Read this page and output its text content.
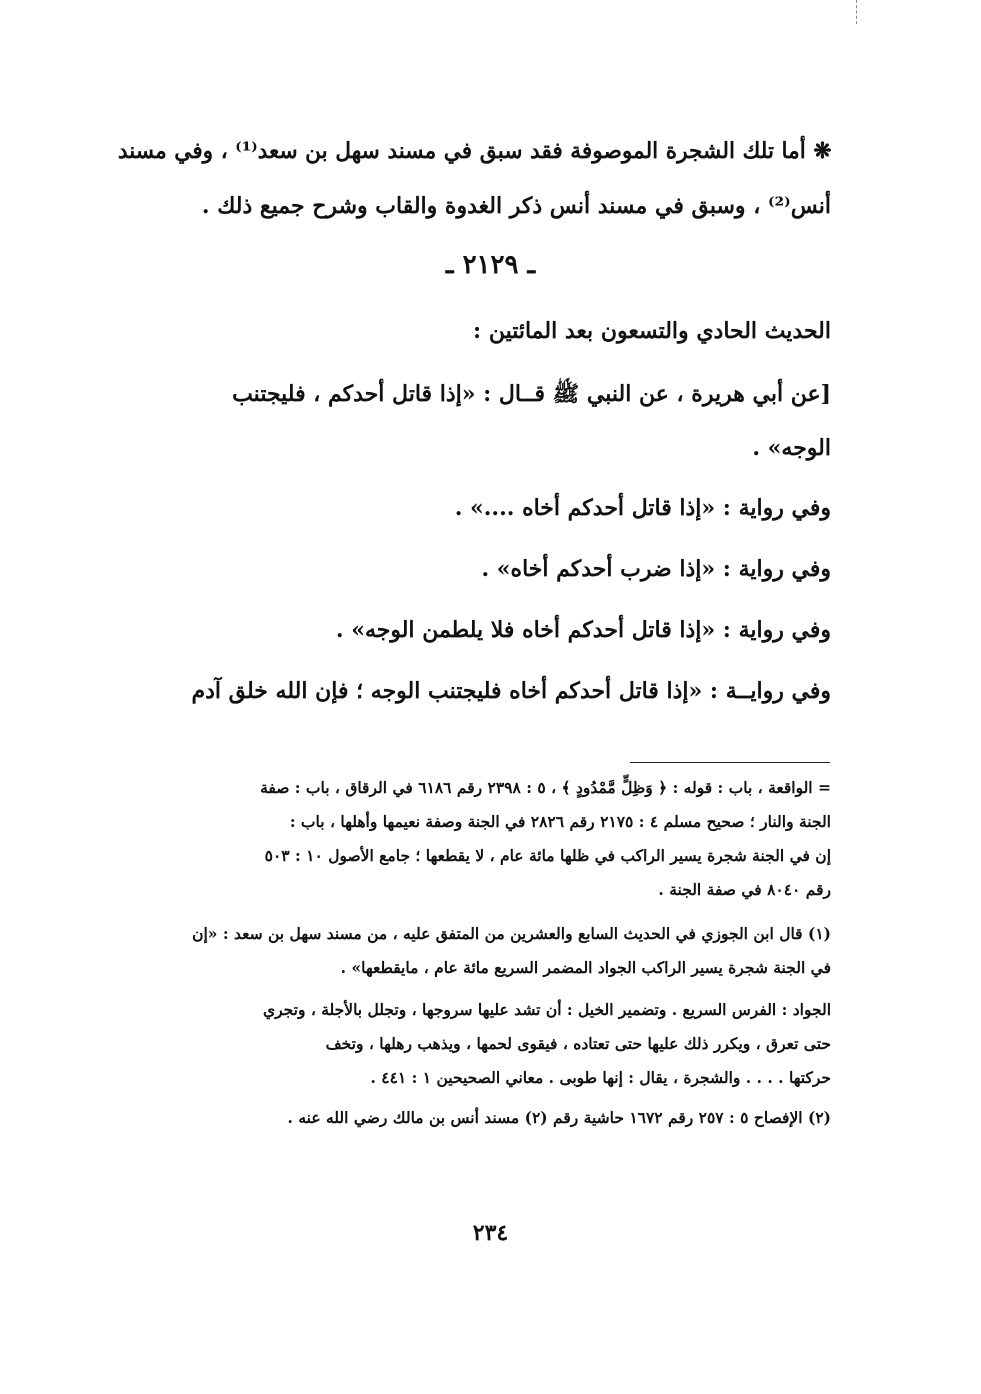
❋ أما تلك الشجرة الموصوفة فقد سبق في مسند سهل بن سعد⁽¹⁾ ، وفي مسند
أنس⁽²⁾ ، وسبق في مسند أنس ذكر الغدوة والقاب وشرح جميع ذلك .
ـ ٢١٢٩ ـ
الحديث الحادي والتسعون بعد المائتين :
[عن أبي هريرة ، عن النبي ﷺ قــال : «إذا قاتل أحدكم ، فليجتنب
الوجه» .
وفي رواية : «إذا قاتل أحدكم أخاه ....» .
وفي رواية : «إذا ضرب أحدكم أخاه» .
وفي رواية : «إذا قاتل أحدكم أخاه فلا يلطمن الوجه» .
وفي روايــة : «إذا قاتل أحدكم أخاه فليجتنب الوجه ؛ فإن الله خلق آدم
= الواقعة ، باب : قوله : ﴿ وَظِلٍّ مَّمْدُودٍ ﴾ ، ٥ : ٢٣٩٨ رقم ٦١٨٦ في الرقاق ، باب : صفة
الجنة والنار ؛ صحيح مسلم ٤ : ٢١٧٥ رقم ٢٨٢٦ في الجنة وصفة نعيمها وأهلها ، باب :
إن في الجنة شجرة يسير الراكب في ظلها مائة عام ، لا يقطعها ؛ جامع الأصول ١٠ : ٥٠٣
رقم ٨٠٤٠ في صفة الجنة .
(١) قال ابن الجوزي في الحديث السابع والعشرين من المتفق عليه ، من مسند سهل بن سعد : «إن
في الجنة شجرة يسير الراكب الجواد المضمر السريع مائة عام ، مايقطعها» .
الجواد : الفرس السريع . وتضمير الخيل : أن تشد عليها سروجها ، وتجلل بالأجلة ، وتجري
حتى تعرق ، ويكرر ذلك عليها حتى تعتاده ، فيقوى لحمها ، ويذهب رهلها ، وتخف
حركتها . . . . والشجرة ، يقال : إنها طوبى . معاني الصحيحين ١ : ٤٤١ .
(٢) الإفصاح ٥ : ٢٥٧ رقم ١٦٧٢ حاشية رقم (٢) مسند أنس بن مالك رضي الله عنه .
٢٣٤
